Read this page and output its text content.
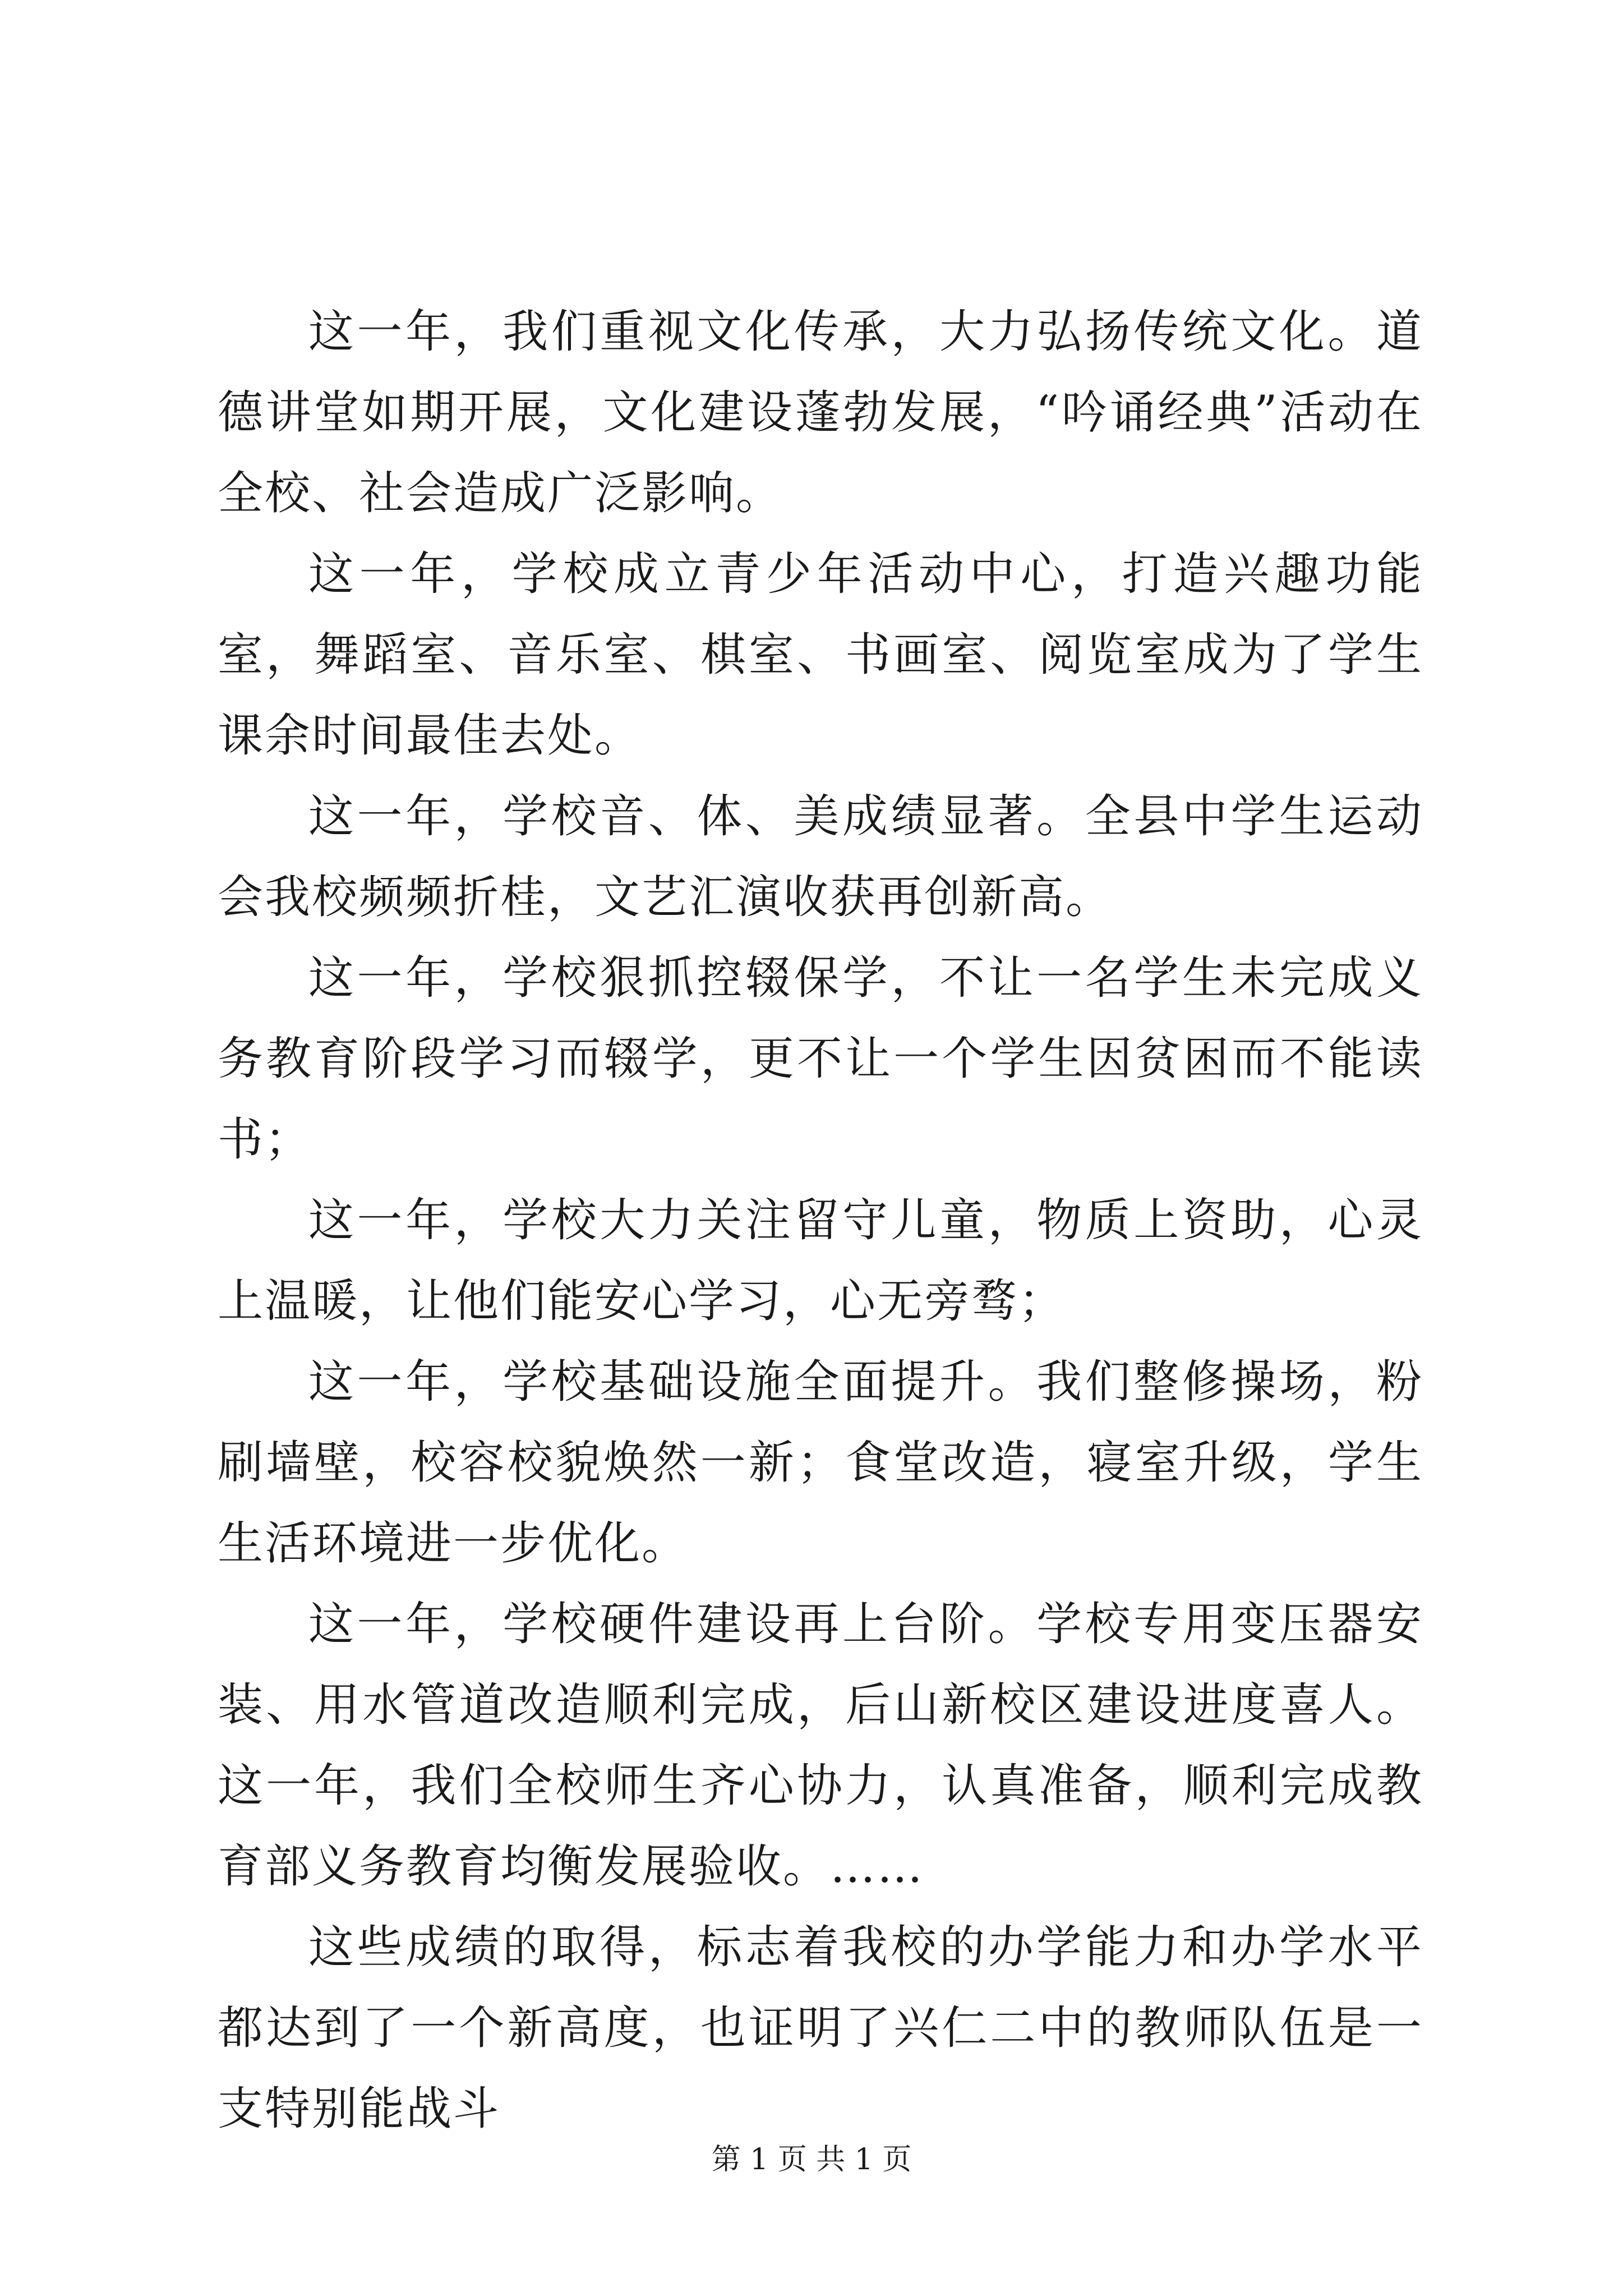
这一年，我们重视文化传承，大力弘扬传统文化。道德讲堂如期开展，文化建设蓬勃发展，“吟诵经典”活动在全校、社会造成广泛影响。

这一年，学校成立青少年活动中心，打造兴趣功能室，舞蹈室、音乐室、棋室、书画室、阅览室成为了学生课余时间最佳去处。

这一年，学校音、体、美成绩显著。全县中学生运动会我校频频折桂，文艺汇演收获再创新高。

这一年，学校狠抓控辍保学，不让一名学生未完成义务教育阶段学习而辍学，更不让一个学生因贫困而不能读书；

这一年，学校大力关注留守儿童，物质上资助，心灵上温暖，让他们能安心学习，心无旁骛；

这一年，学校基础设施全面提升。我们整修操场，粉刷墙壁，校容校貌焕然一新；食堂改造，寝室升级，学生生活环境进一步优化。

这一年，学校硬件建设再上台阶。学校专用变压器安装、用水管道改造顺利完成，后山新校区建设进度喜人。这一年，我们全校师生齐心协力，认真准备，顺利完成教育部义务教育均衡发展验收。……

这些成绩的取得，标志着我校的办学能力和办学水平都达到了一个新高度，也证明了兴仁二中的教师队伍是一支特别能战斗

第 1 页 共 1 页
